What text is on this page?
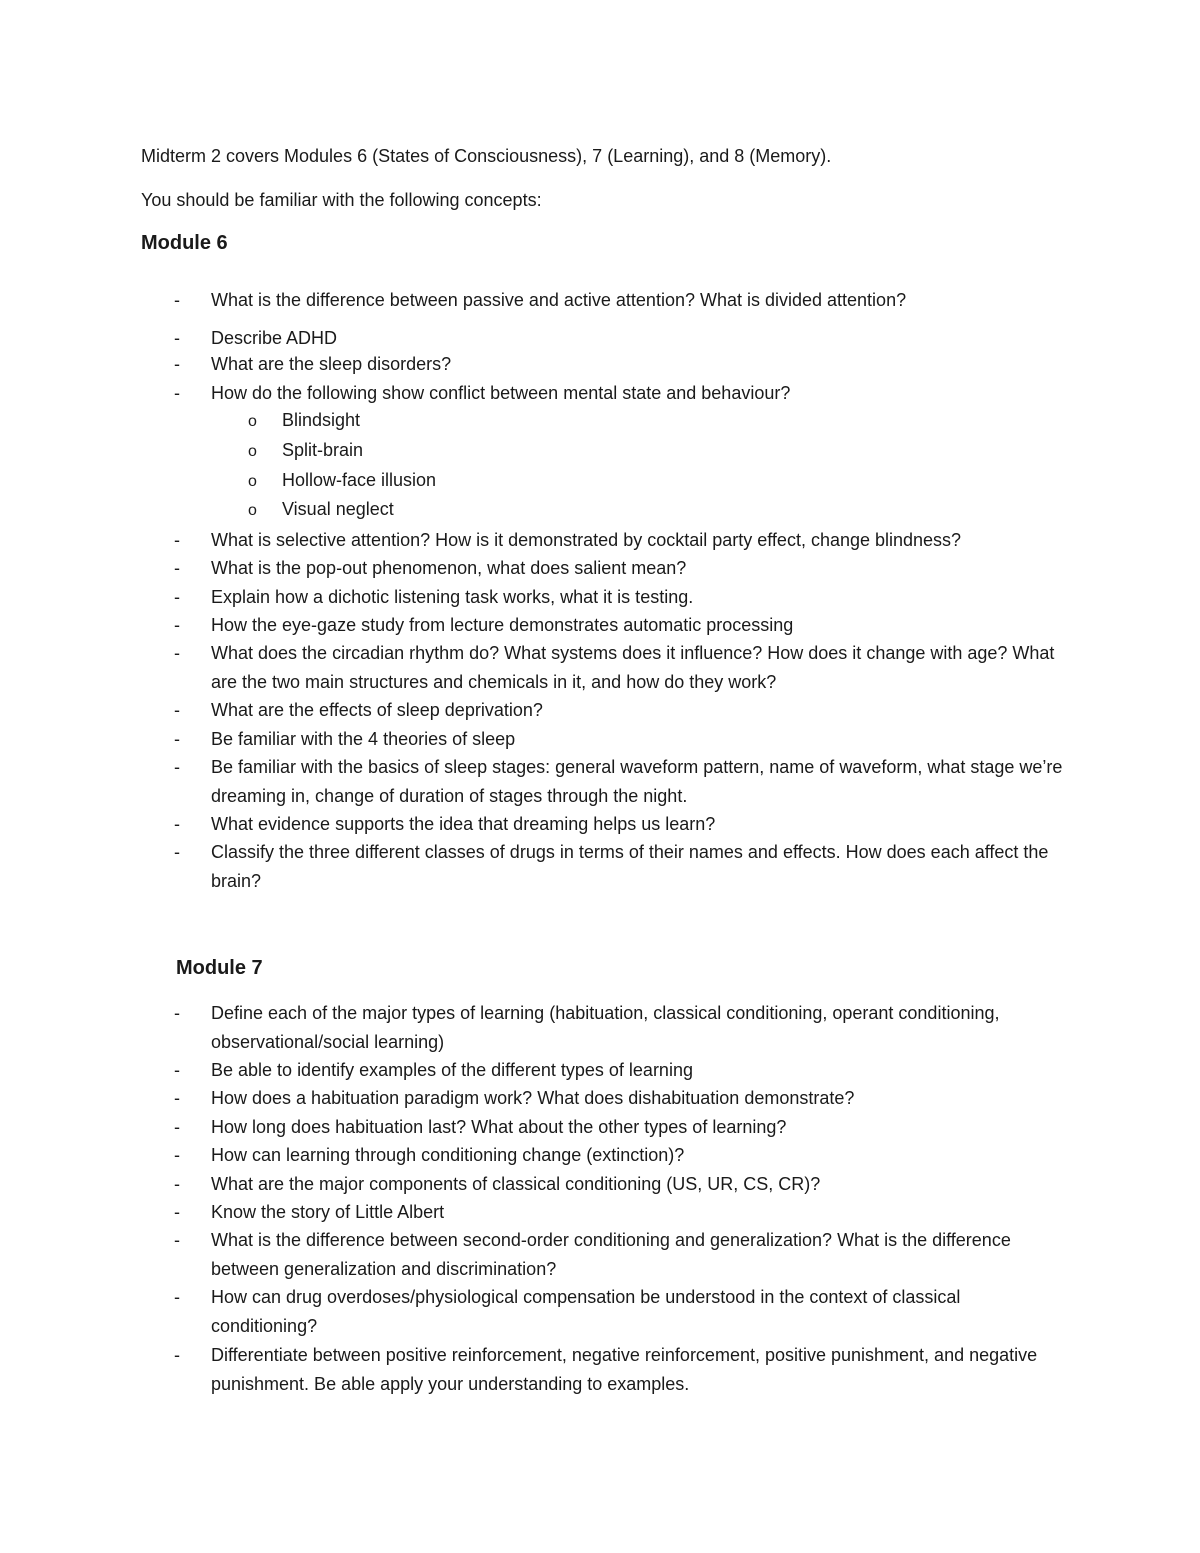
Midterm 2 covers Modules 6 (States of Consciousness), 7 (Learning), and 8 (Memory).

You should be familiar with the following concepts:

Module 6
- What is the difference between passive and active attention? What is divided attention?

- Describe ADHD

- What are the sleep disorders?

- How do the following show conflict between mental state and behaviour?

o Blindsight

o Split-brain

o Hollow-face illusion

o Visual neglect

- What is selective attention? How is it demonstrated by cocktail party effect, change blindness?

- What is the pop-out phenomenon, what does salient mean?

- Explain how a dichotic listening task works, what it is testing.

- How the eye-gaze study from lecture demonstrates automatic processing

- What does the circadian rhythm do? What systems does it influence? How does it change with age? What are the two main structures and chemicals in it, and how do they work?

- What are the effects of sleep deprivation?

- Be familiar with the 4 theories of sleep

- Be familiar with the basics of sleep stages: general waveform pattern, name of waveform, what stage we’re dreaming in, change of duration of stages through the night.

- What evidence supports the idea that dreaming helps us learn?

- Classify the three different classes of drugs in terms of their names and effects. How does each affect the brain?

Module 7
- Define each of the major types of learning (habituation, classical conditioning, operant conditioning, observational/social learning)

- Be able to identify examples of the different types of learning

- How does a habituation paradigm work? What does dishabituation demonstrate?

- How long does habituation last? What about the other types of learning?

- How can learning through conditioning change (extinction)?

- What are the major components of classical conditioning (US, UR, CS, CR)?

- Know the story of Little Albert

- What is the difference between second-order conditioning and generalization? What is the difference between generalization and discrimination?

- How can drug overdoses/physiological compensation be understood in the context of classical conditioning?

- Differentiate between positive reinforcement, negative reinforcement, positive punishment, and negative punishment. Be able apply your understanding to examples.
